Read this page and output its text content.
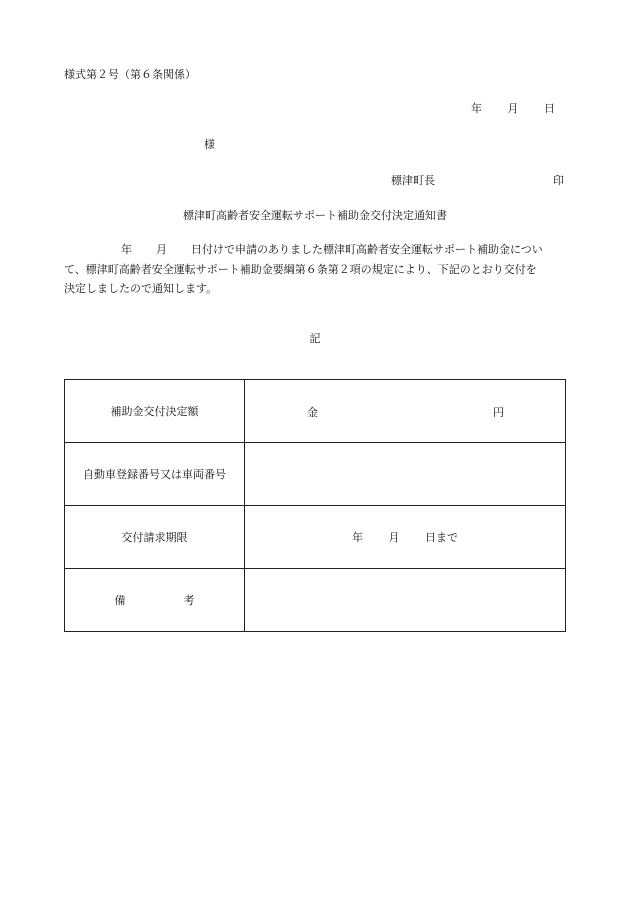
様式第２号（第６条関係）
年 月 日
様
標津町長	印
標津町高齢者安全運転サポート補助金交付決定通知書
年 月 日付けで申請のありました標津町高齢者安全運転サポート補助金につい
て、標津町高齢者安全運転サポート補助金要綱第６条第２項の規定により、下記のとおり交付を
決定しましたので通知します。
記
補助金交付決定額	金 円

自動車登録番号又は車両番号	
交付請求期限	年 月 日まで
備 考	
